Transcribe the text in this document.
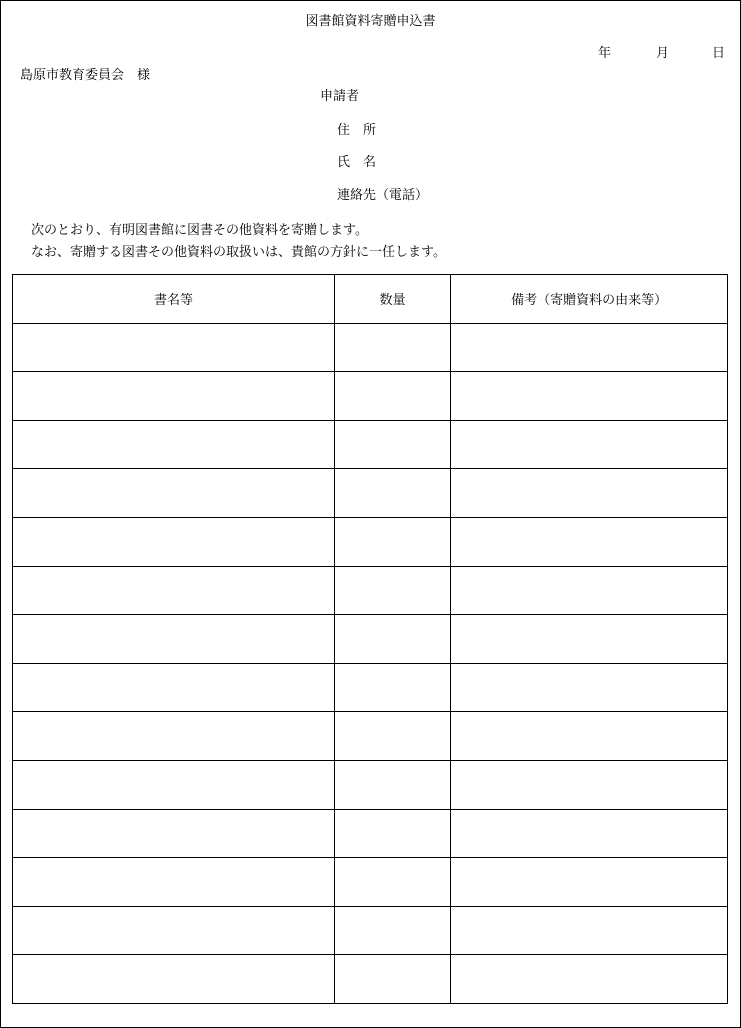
図書館資料寄贈申込書
年	月	日
島原市教育委員会　様
申請者
住　所
氏　名
連絡先（電話）
次のとおり、有明図書館に図書その他資料を寄贈します。
なお、寄贈する図書その他資料の取扱いは、貴館の方針に一任します。
書名等	数量	備考（寄贈資料の由来等）
